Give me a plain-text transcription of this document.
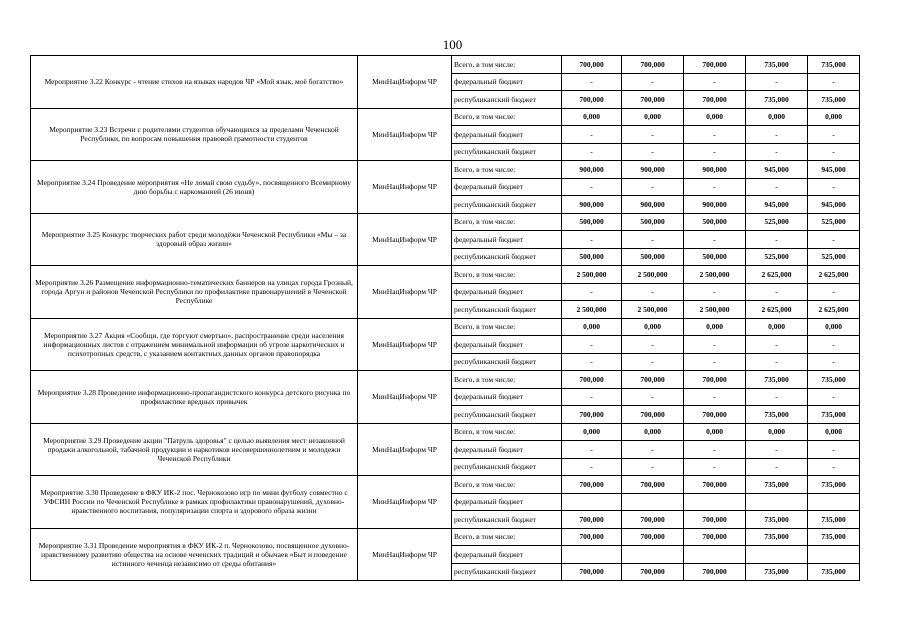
100
Мероприятие 3.22 Конкурс - чтение стихов на языках народов ЧР «Мой язык, моё богатство»	МинНацИнформ ЧР	Всего, в том числе:	700,000	700,000	700,000	735,000	735,000
		федеральный бюджет	-	-	-	-	-
		республиканский бюджет	700,000	700,000	700,000	735,000	735,000
Мероприятие 3.23 Встречи с родителями студентов обучающихся за пределами Чеченской Республики, по вопросам повышения правовой грамотности студентов	МинНацИнформ ЧР	Всего, в том числе:	0,000	0,000	0,000	0,000	0,000
		федеральный бюджет	-	-	-	-	-
		республиканский бюджет	-	-	-	-	-
Мероприятие 3.24 Проведение мероприятия «Не ломай свою судьбу», посвященного Всемирному дню борьбы с наркоманией (26 июня)	МинНацИнформ ЧР	Всего, в том числе:	900,000	900,000	900,000	945,000	945,000
		федеральный бюджет	-	-	-	-	-
		республиканский бюджет	900,000	900,000	900,000	945,000	945,000
Мероприятие 3.25 Конкурс творческих работ среди молодёжи Чеченской Республики «Мы – за здоровый образ жизни»	МинНацИнформ ЧР	Всего, в том числе:	500,000	500,000	500,000	525,000	525,000
		федеральный бюджет	-	-	-	-	-
		республиканский бюджет	500,000	500,000	500,000	525,000	525,000
Мероприятие 3.26 Размещение информационно-тематических баннеров на улицах города Грозный, города Аргун и районов Чеченской Республики по профилактике правонарушений в Чеченской Республике	МинНацИнформ ЧР	Всего, в том числе:	2 500,000	2 500,000	2 500,000	2 625,000	2 625,000
		федеральный бюджет	-	-	-	-	-
		республиканский бюджет	2 500,000	2 500,000	2 500,000	2 625,000	2 625,000
Мероприятие 3.27 Акция «Сообщи, где торгуют смертью», распространение среди населения информационных листов с отражением минимальной информации об угрозе наркотических и психотропных средств, с указанием контактных данных органов правопорядка	МинНацИнформ ЧР	Всего, в том числе:	0,000	0,000	0,000	0,000	0,000
		федеральный бюджет	-	-	-	-	-
		республиканский бюджет	-	-	-	-	-
Мероприятие 3.28 Проведение информационно-пропагандистского конкурса детского рисунка по профилактике вредных привычек	МинНацИнформ ЧР	Всего, в том числе:	700,000	700,000	700,000	735,000	735,000
		федеральный бюджет	-	-	-	-	-
		республиканский бюджет	700,000	700,000	700,000	735,000	735,000
Мероприятие 3.29 Проведение акции "Патруль здоровья" с целью выявления мест незаконной продажи алкогольной, табачной продукции и наркотиков несовершеннолетним и молодежи Чеченской Республики	МинНацИнформ ЧР	Всего, в том числе:	0,000	0,000	0,000	0,000	0,000
		федеральный бюджет	-	-	-	-	-
		республиканский бюджет	-	-	-	-	-
Мероприятие 3.30 Проведение в ФКУ ИК-2 пос. Чернокозово игр по мини футболу совместно с УФСИН России по Чеченской Республике в рамках профилактики правонарушений, духовно-нравственного воспитания, популяризации спорта и здорового образа жизни	МинНацИнформ ЧР	Всего, в том числе:	700,000	700,000	700,000	735,000	735,000
		федеральный бюджет					
		республиканский бюджет	700,000	700,000	700,000	735,000	735,000
Мероприятие 3.31 Проведение мероприятия в ФКУ ИК-2 п. Чернокозово, посвященное духовно-нравственному развитию общества на основе чеченских традиций и обычаев «Быт и поведение истинного чеченца независимо от среды обитания»	МинНацИнформ ЧР	Всего, в том числе:	700,000	700,000	700,000	735,000	735,000
		федеральный бюджет					
		республиканский бюджет	700,000	700,000	700,000	735,000	735,000
